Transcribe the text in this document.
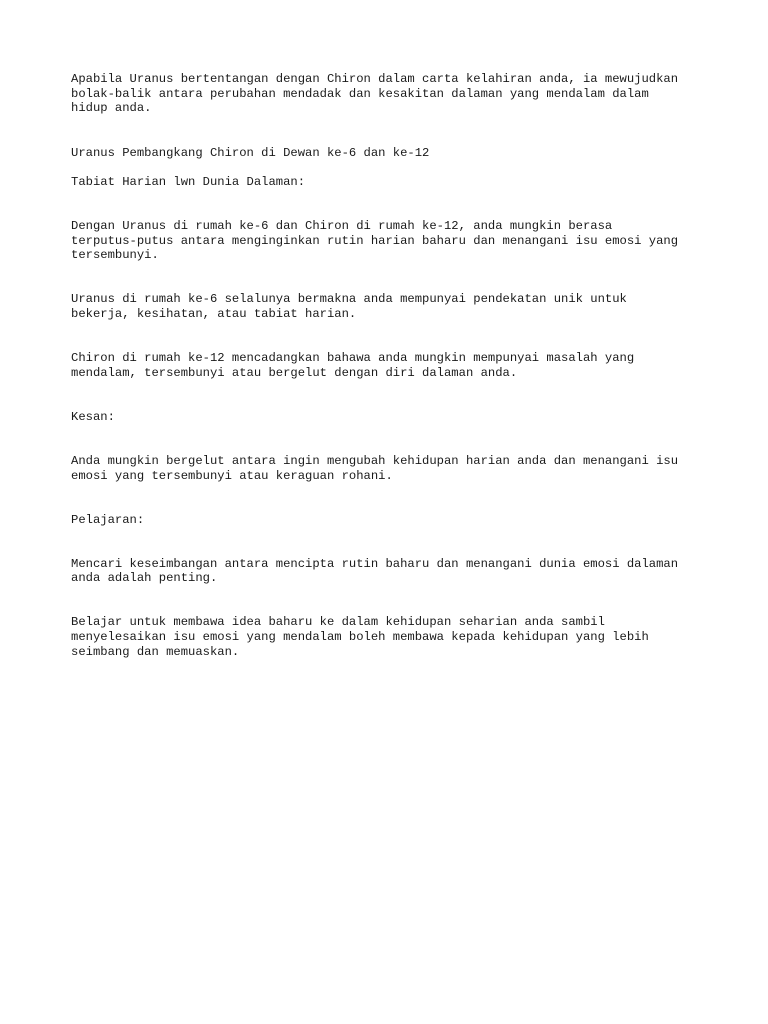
Apabila Uranus bertentangan dengan Chiron dalam carta kelahiran anda, ia mewujudkan

bolak-balik antara perubahan mendadak dan kesakitan dalaman yang mendalam dalam

hidup anda.

Uranus Pembangkang Chiron di Dewan ke-6 dan ke-12

Tabiat Harian lwn Dunia Dalaman:

Dengan Uranus di rumah ke-6 dan Chiron di rumah ke-12, anda mungkin berasa

terputus-putus antara menginginkan rutin harian baharu dan menangani isu emosi yang

tersembunyi.

Uranus di rumah ke-6 selalunya bermakna anda mempunyai pendekatan unik untuk

bekerja, kesihatan, atau tabiat harian.

Chiron di rumah ke-12 mencadangkan bahawa anda mungkin mempunyai masalah yang

mendalam, tersembunyi atau bergelut dengan diri dalaman anda.

Kesan:

Anda mungkin bergelut antara ingin mengubah kehidupan harian anda dan menangani isu

emosi yang tersembunyi atau keraguan rohani.

Pelajaran:

Mencari keseimbangan antara mencipta rutin baharu dan menangani dunia emosi dalaman

anda adalah penting.

Belajar untuk membawa idea baharu ke dalam kehidupan seharian anda sambil

menyelesaikan isu emosi yang mendalam boleh membawa kepada kehidupan yang lebih

seimbang dan memuaskan.
